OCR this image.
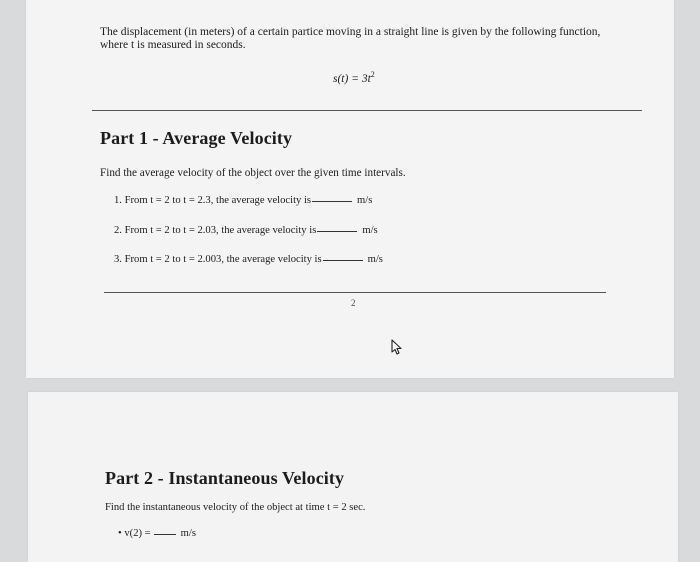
The displacement (in meters) of a certain partice moving in a straight line is given by the following function,
where t is measured in seconds.
$s(t) = 3t^2$
Part 1 - Average Velocity
Find the average velocity of the object over the given time intervals.
1. From t = 2 to t = 2.3, the average velocity is	m/s
2. From t = 2 to t = 2.03, the average velocity is	m/s
3. From t = 2 to t = 2.003, the average velocity is	m/s
2
Part 2 - Instantaneous Velocity
Find the instantaneous velocity of the object at time t = 2 sec.
• v(2) =	m/s
